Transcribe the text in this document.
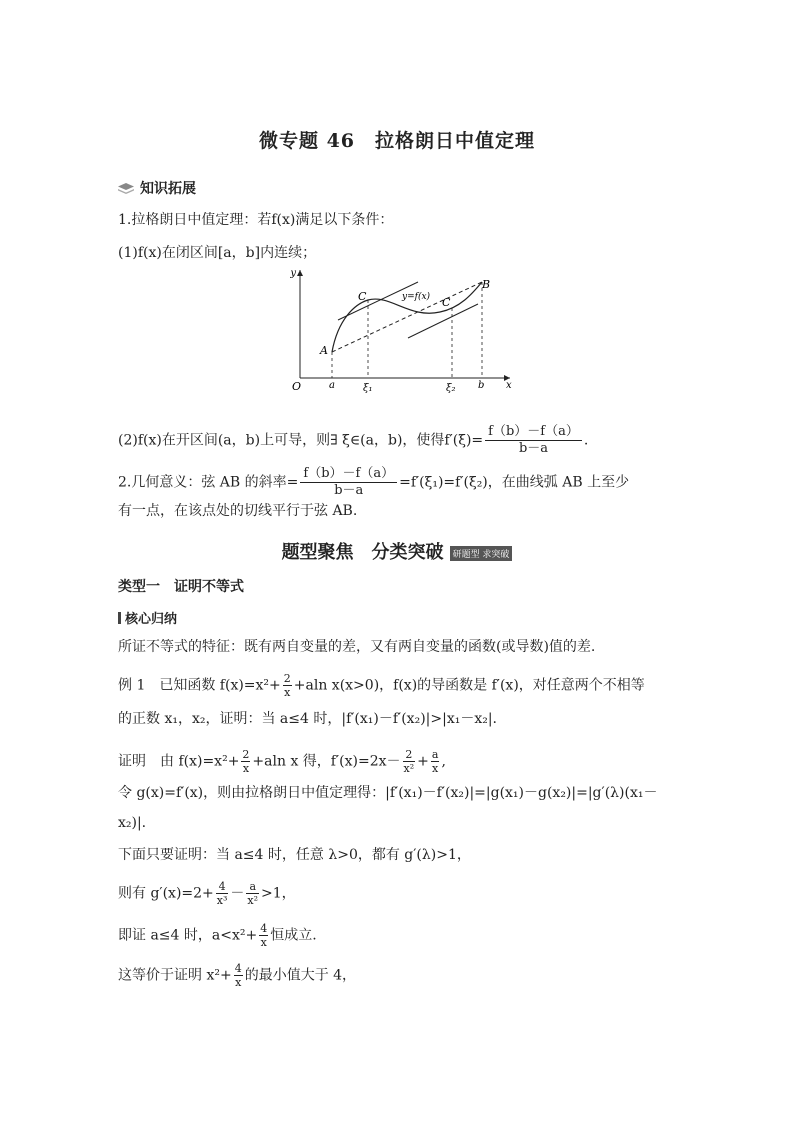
微专题 46　拉格朗日中值定理
知识拓展
1.拉格朗日中值定理：若f(x)满足以下条件：
(1)f(x)在闭区间[a，b]内连续；
y
x
O
A
B
C	C
y=f(x)
a	ξ₁	ξ₂ b
(2)f(x)在开区间(a，b)上可导，则∃ ξ∈(a，b)，使得$f'(\xi)= \frac{f(b)-f(a)}{b-a}$ .
2.几何意义：弦 AB 的斜率= $\frac{f(b)-f(a)}{b-a} =f'(\xi_1)=f'(\xi_2)$，在曲线弧 AB 上至少
有一点，在该点处的切线平行于弦 AB.
题型聚焦　分类突破 研题型 求突破
类型一　证明不等式
核心归纳
所证不等式的特征：既有两自变量的差，又有两自变量的函数(或导数)值的差.
例 1　已知函数 $f(x)=x^2+ \frac{2}{x} +aln$ x(x>0)，f(x)的导函数是 f′(x)，对任意两个不相等
的正数 x₁，x₂，证明：当 a≤4 时，|f′(x₁)－f′(x₂)|>|x₁－x₂|.
证明　由 $f(x)=x^2+ \frac{2}{x} +aln$ x 得，$f'(x)=2x- \frac{2}{\text{x²}} + \frac{a}{x}$ ,
令 g(x)=f′(x)，则由拉格朗日中值定理得：|f′(x₁)－f′(x₂)|=|g(x₁)－g(x₂)|=|g′(λ)(x₁－
x₂)|.
下面只要证明：当 a≤4 时，任意 λ>0，都有 g′(λ)>1，
则有 $g'(x)=2+ \frac{4}{\text{x³}} - \frac{a}{\text{x²}} >1$，
即证 a≤4 时，$a<x^2+ \frac{4}{x}$ 恒成立.
这等价于证明 $x^2+ \frac{4}{x}$ 的最小值大于 4，
